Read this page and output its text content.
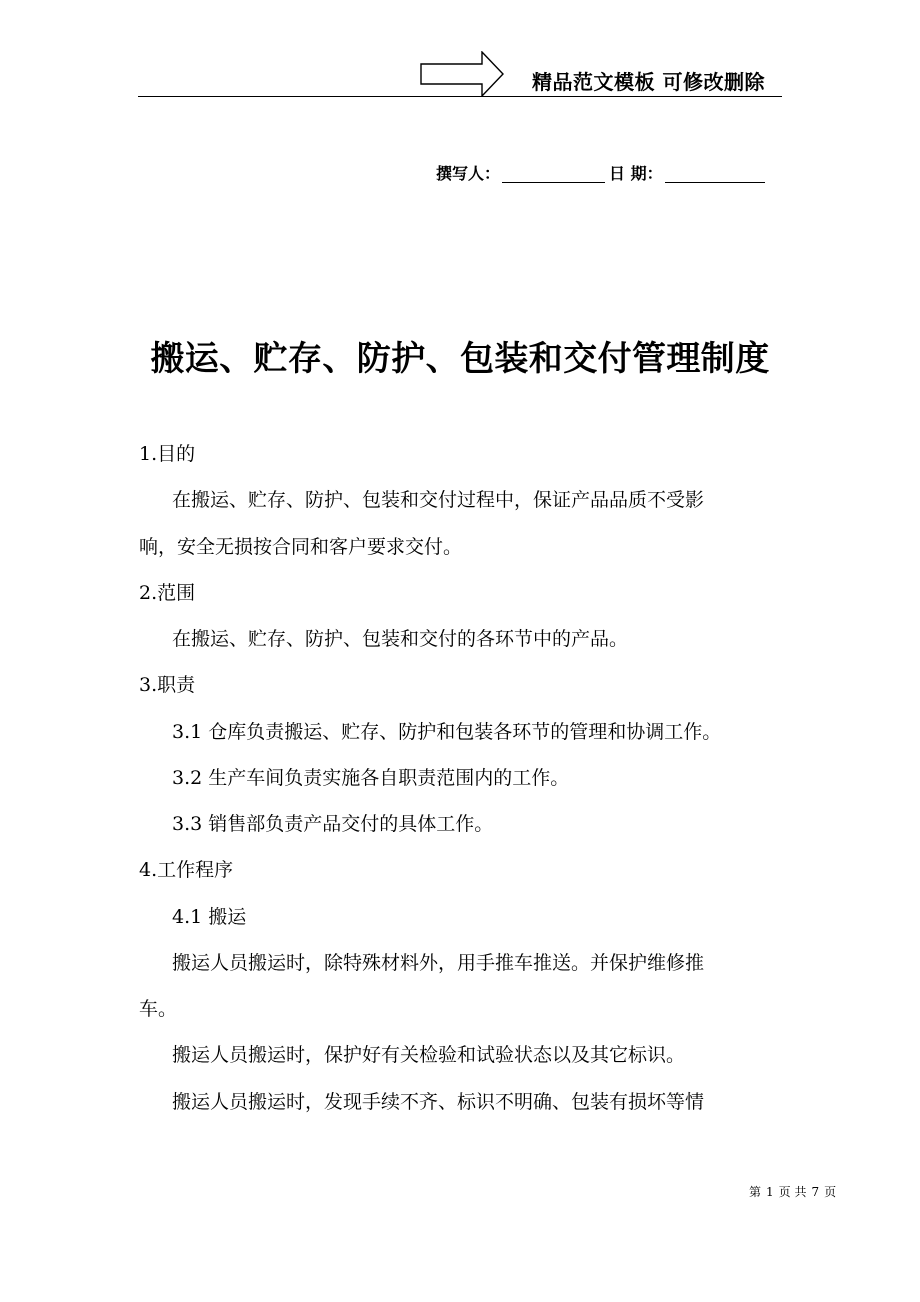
精品范文模板 可修改删除
撰写人：	日 期：
搬运、贮存、防护、包装和交付管理制度
1.目的
在搬运、贮存、防护、包装和交付过程中，保证产品品质不受影
响，安全无损按合同和客户要求交付。
2.范围
在搬运、贮存、防护、包装和交付的各环节中的产品。
3.职责
3.1 仓库负责搬运、贮存、防护和包装各环节的管理和协调工作。
3.2 生产车间负责实施各自职责范围内的工作。
3.3 销售部负责产品交付的具体工作。
4.工作程序
4.1 搬运
搬运人员搬运时，除特殊材料外，用手推车推送。并保护维修推
车。
搬运人员搬运时，保护好有关检验和试验状态以及其它标识。
搬运人员搬运时，发现手续不齐、标识不明确、包装有损坏等情
第 1 页 共 7 页
